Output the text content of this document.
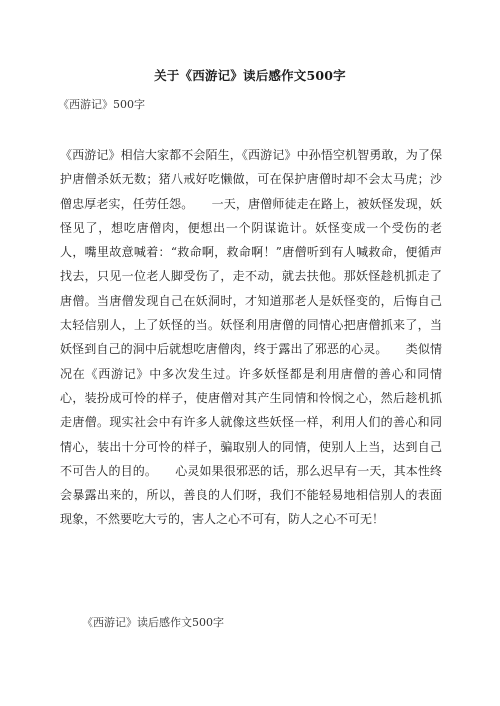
关于《西游记》读后感作文500字
《西游记》500字

《西游记》相信大家都不会陌生，《西游记》中孙悟空机智勇敢，为了保护唐僧杀妖无数；猪八戒好吃懒做，可在保护唐僧时却不会太马虎；沙僧忠厚老实，任劳任怨。　　一天，唐僧师徒走在路上，被妖怪发现，妖怪见了，想吃唐僧肉，便想出一个阴谋诡计。妖怪变成一个受伤的老人，嘴里故意喊着：“救命啊，救命啊！”唐僧听到有人喊救命，便循声找去，只见一位老人脚受伤了，走不动，就去扶他。那妖怪趁机抓走了唐僧。当唐僧发现自己在妖洞时，才知道那老人是妖怪变的，后悔自己太轻信别人，上了妖怪的当。妖怪利用唐僧的同情心把唐僧抓来了，当妖怪到自己的洞中后就想吃唐僧肉，终于露出了邪恶的心灵。　　类似情况在《西游记》中多次发生过。许多妖怪都是利用唐僧的善心和同情心，装扮成可怜的样子，使唐僧对其产生同情和怜悯之心，然后趁机抓走唐僧。现实社会中有许多人就像这些妖怪一样，利用人们的善心和同情心，装出十分可怜的样子，骗取别人的同情，使别人上当，达到自己不可告人的目的。　　心灵如果很邪恶的话，那么迟早有一天，其本性终会暴露出来的，所以，善良的人们呀，我们不能轻易地相信别人的表面现象，不然要吃大亏的，害人之心不可有，防人之心不可无！

《西游记》读后感作文500字
